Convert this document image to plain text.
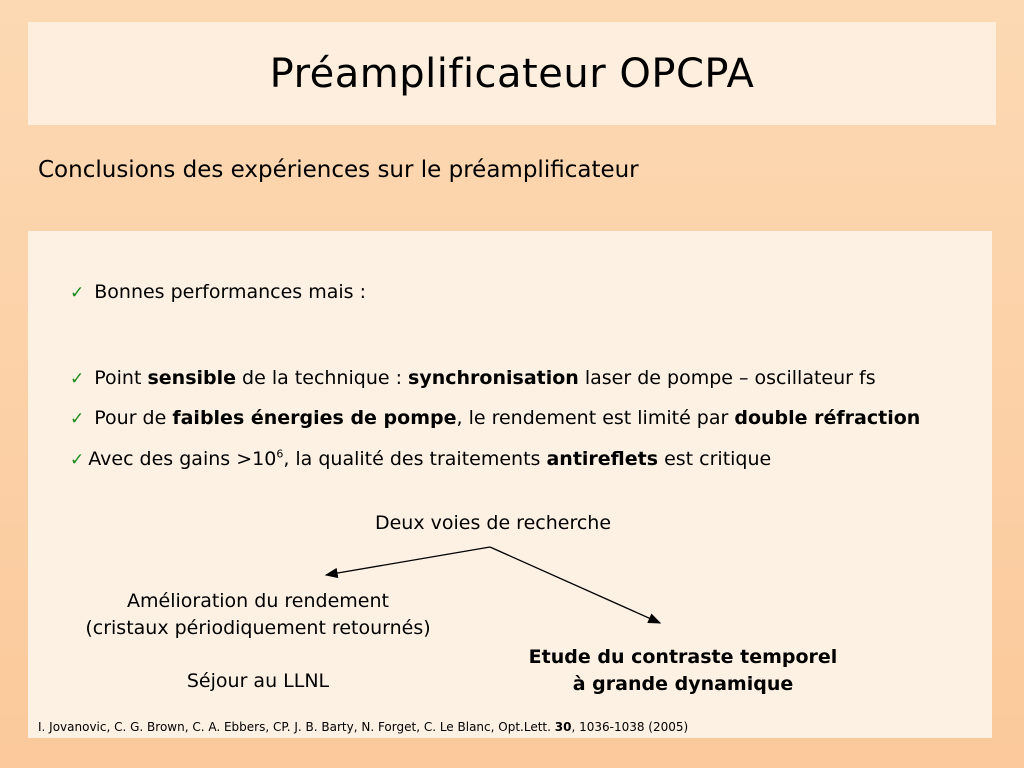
Préamplificateur OPCPA
Conclusions des expériences sur le préamplificateur
✓ Bonnes performances mais :
✓ Point sensible de la technique : synchronisation laser de pompe – oscillateur fs
✓ Pour de faibles énergies de pompe, le rendement est limité par double réfraction
✓ Avec des gains $>10^6$, la qualité des traitements antireflets est critique
Deux voies de recherche
Amélioration du rendement
(cristaux périodiquement retournés)
Séjour au LLNL
Etude du contraste temporel
à grande dynamique
I. Jovanovic, C. G. Brown, C. A. Ebbers, CP. J. B. Barty, N. Forget, C. Le Blanc, Opt.Lett. 30, 1036-1038 (2005)
